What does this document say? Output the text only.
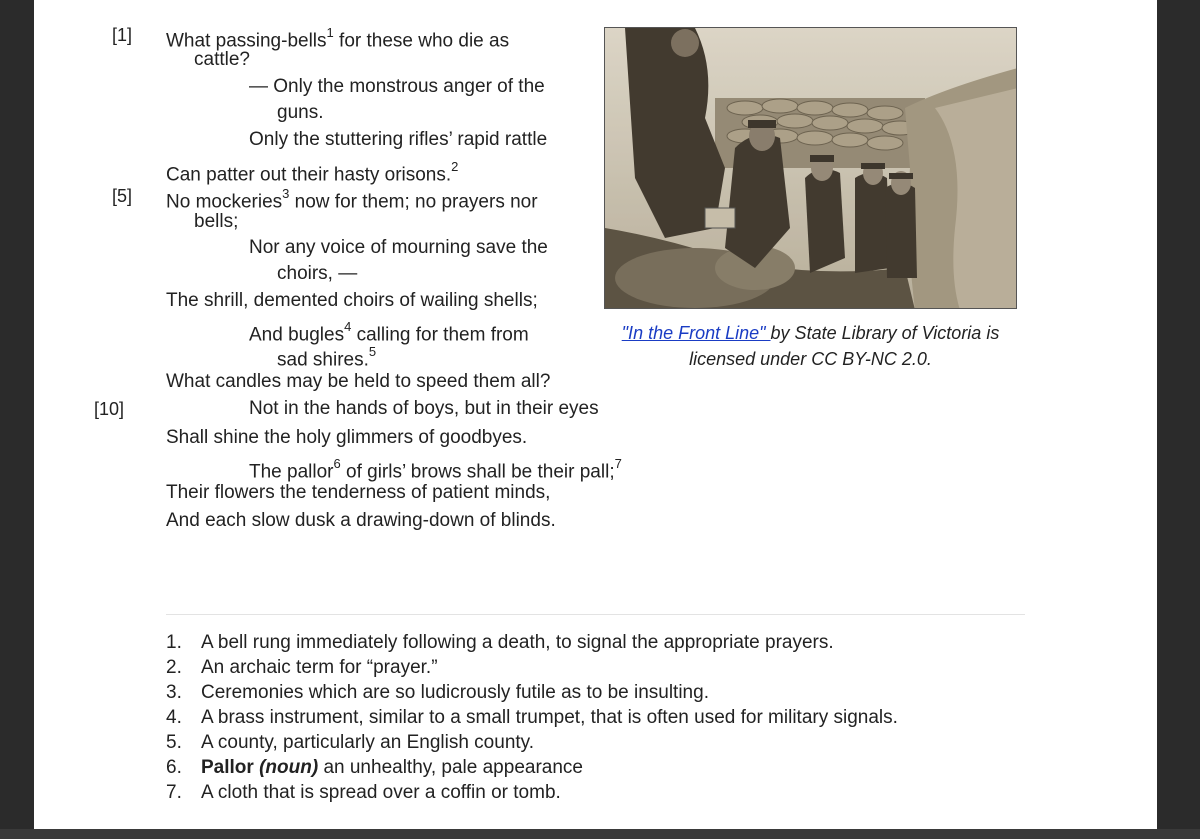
[1]
[5]
[10]
What passing-bells$^1$ for these who die as
cattle?
— Only the monstrous anger of the
guns.
Only the stuttering rifles’ rapid rattle
Can patter out their hasty orisons.$^2$
No mockeries$^3$ now for them; no prayers nor
bells;
Nor any voice of mourning save the
choirs, —
The shrill, demented choirs of wailing shells;
And bugles$^4$ calling for them from
sad shires.$^5$
What candles may be held to speed them all?
Not in the hands of boys, but in their eyes
Shall shine the holy glimmers of goodbyes.
The pallor$^6$ of girls’ brows shall be their pall;$^7$
Their flowers the tenderness of patient minds,
And each slow dusk a drawing-down of blinds.
"In the Front Line" by State Library of Victoria is
licensed under CC BY-NC 2.0.
1. A bell rung immediately following a death, to signal the appropriate prayers.
2. An archaic term for “prayer.”
3. Ceremonies which are so ludicrously futile as to be insulting.
4. A brass instrument, similar to a small trumpet, that is often used for military signals.
5. A county, particularly an English county.
6. Pallor (noun) an unhealthy, pale appearance
7. A cloth that is spread over a coffin or tomb.
